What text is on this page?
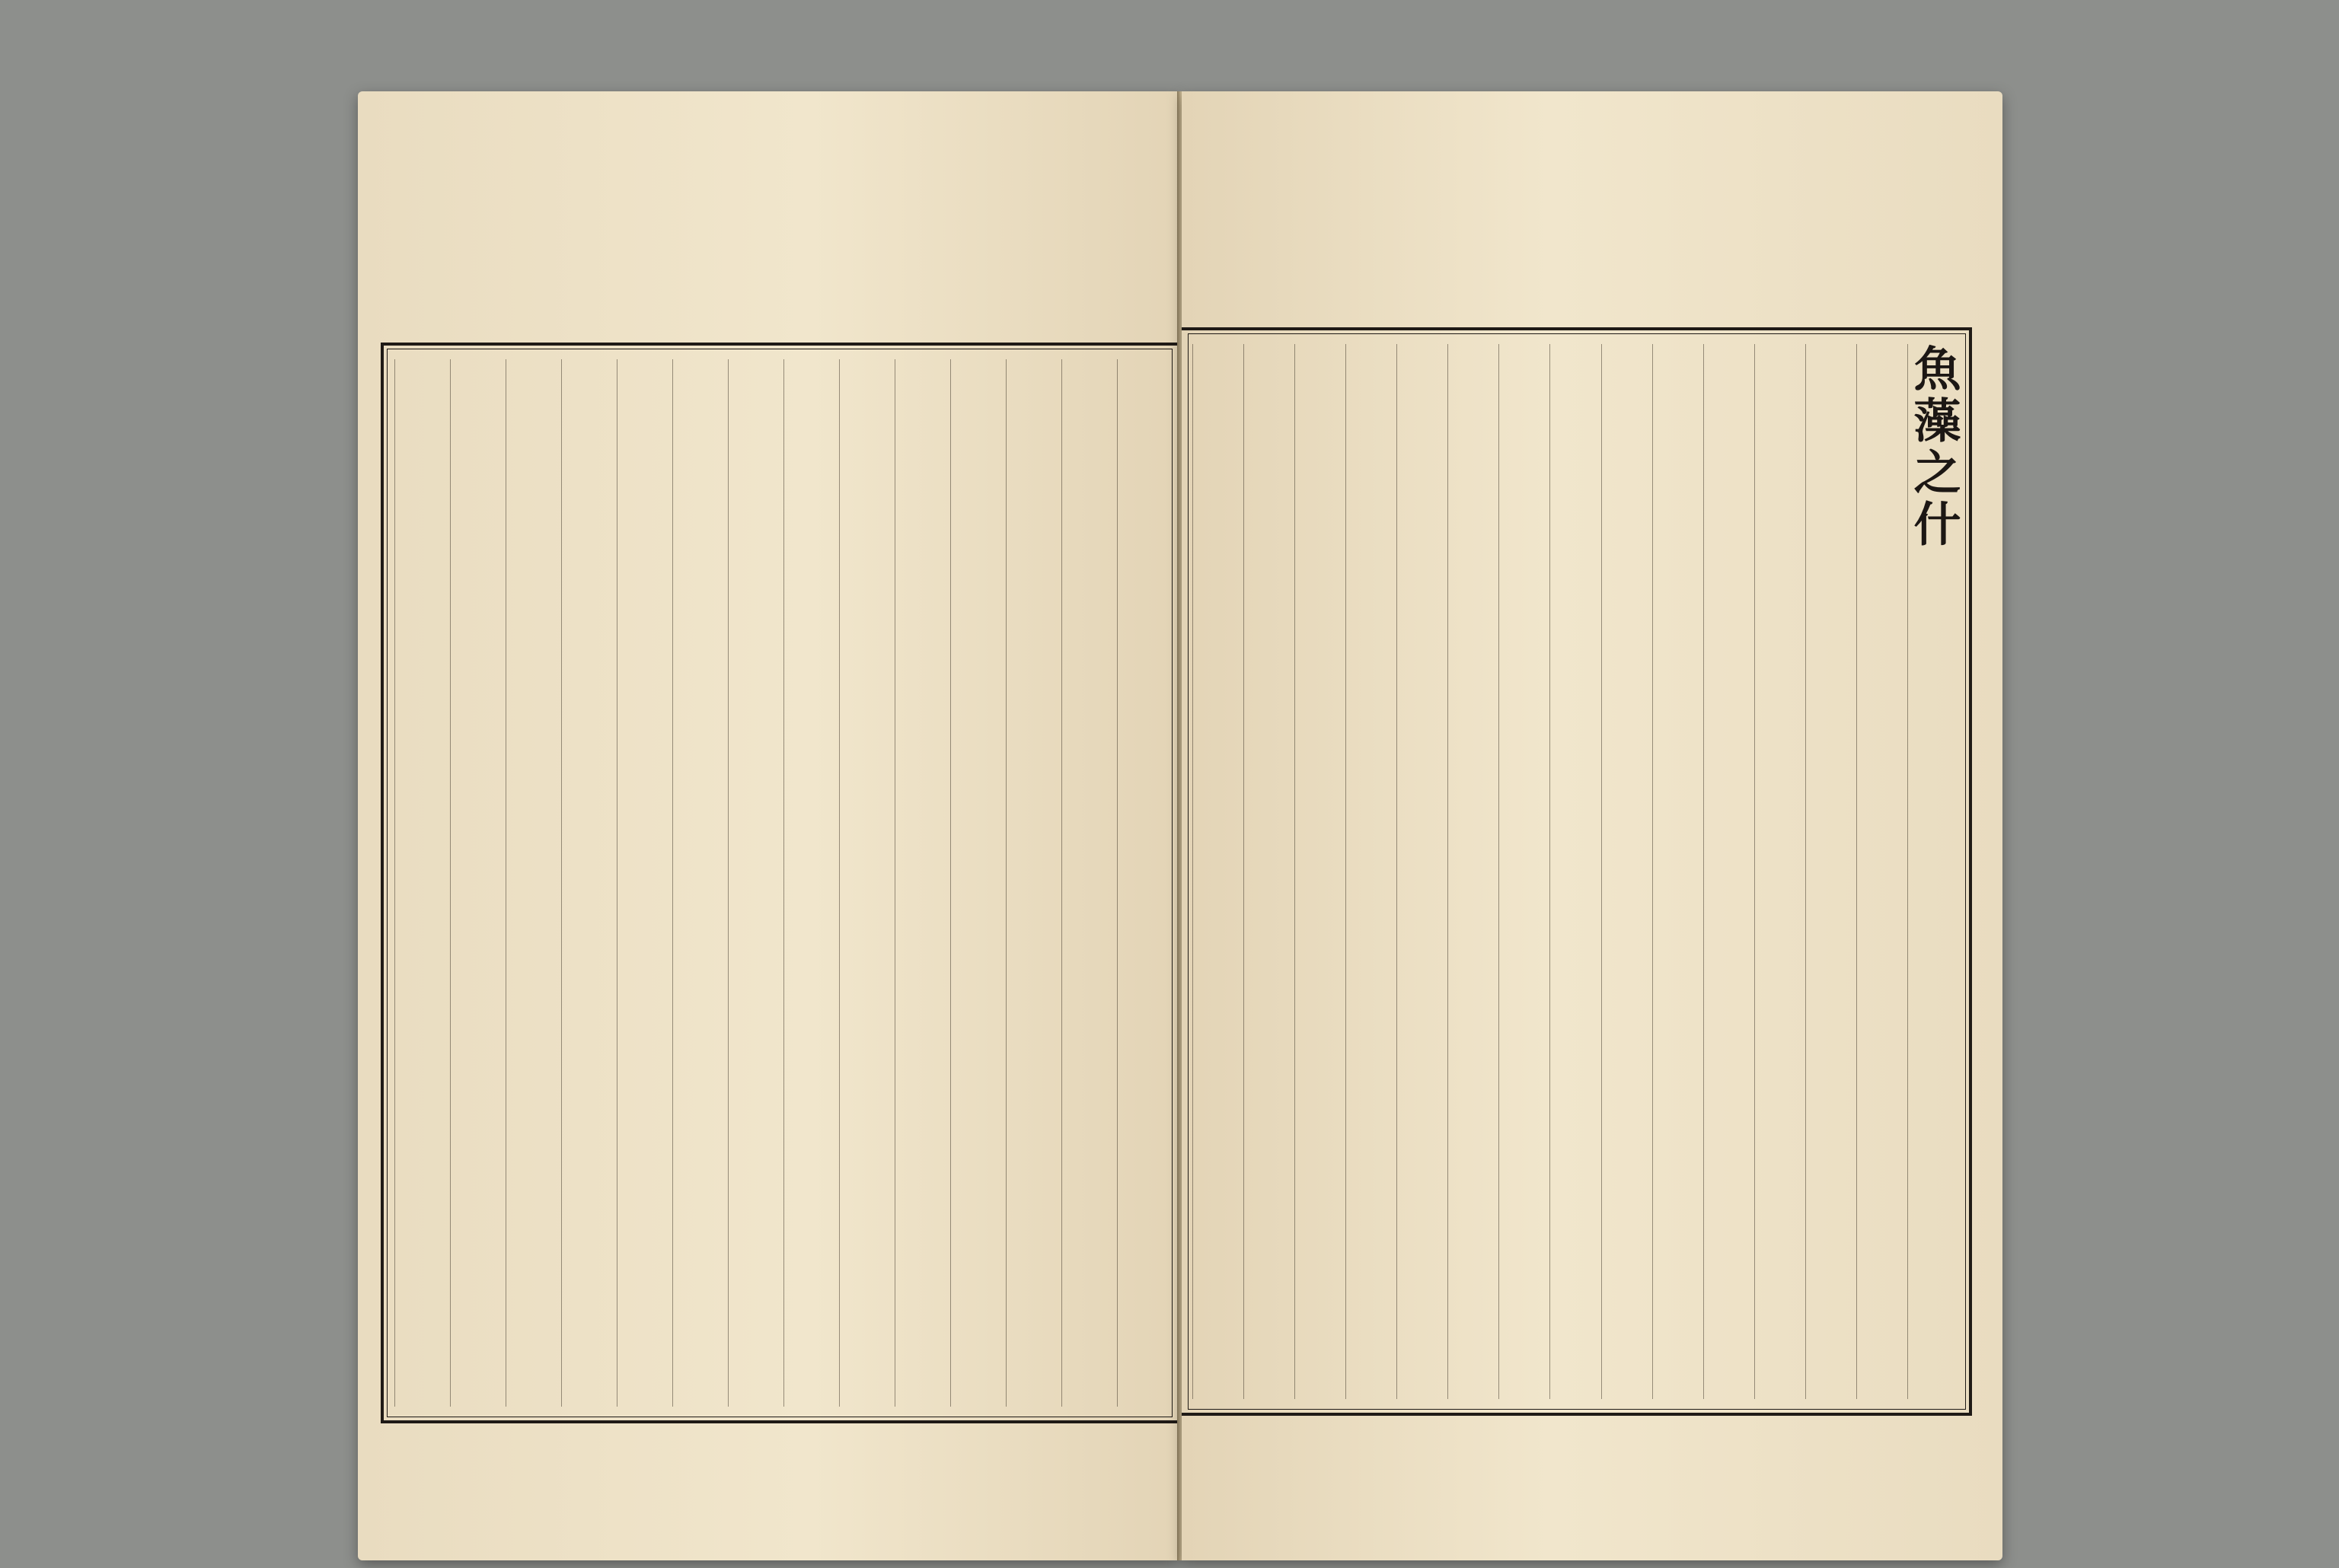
魚藻之什
